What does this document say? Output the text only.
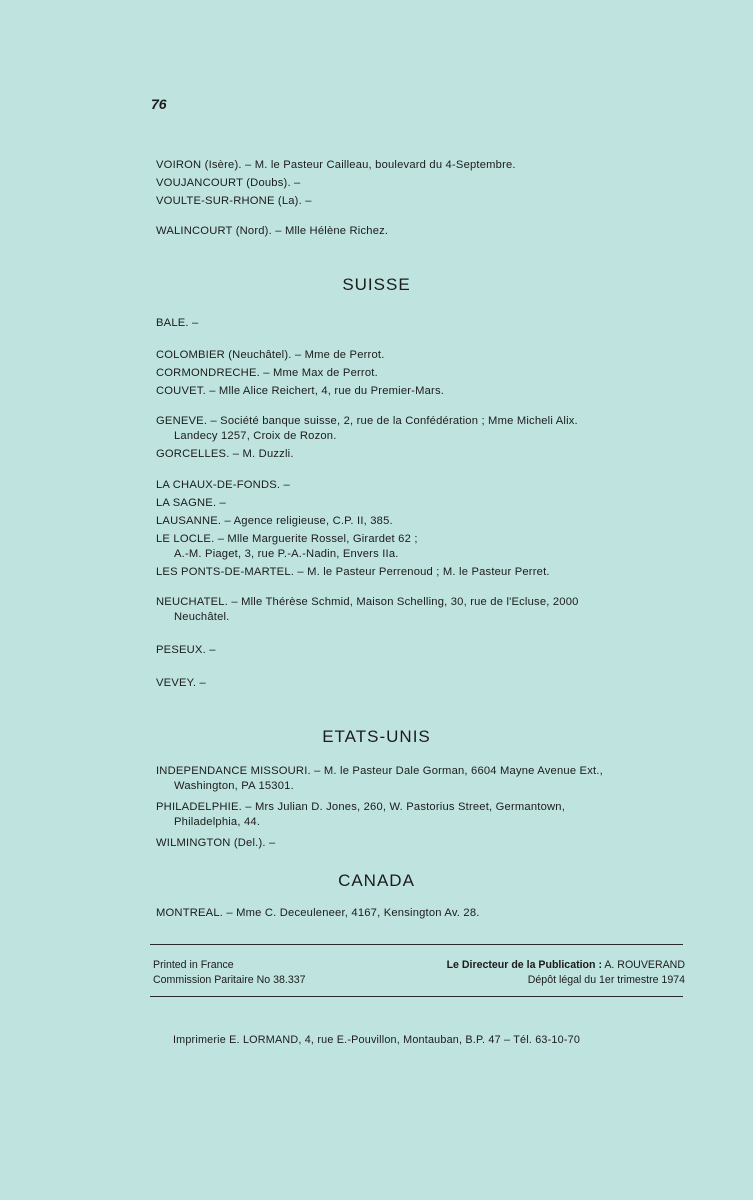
76

VOIRON (Isère). – M. le Pasteur Cailleau, boulevard du 4-Septembre.

VOUJANCOURT (Doubs). –

VOULTE-SUR-RHONE (La). –

WALINCOURT (Nord). – Mlle Hélène Richez.

SUISSE

BALE. –

COLOMBIER (Neuchâtel). – Mme de Perrot.

CORMONDRECHE. – Mme Max de Perrot.

COUVET. – Mlle Alice Reichert, 4, rue du Premier-Mars.

GENEVE. – Société banque suisse, 2, rue de la Confédération ; Mme Micheli Alix.
Landecy 1257, Croix de Rozon.

GORCELLES. – M. Duzzli.

LA CHAUX-DE-FONDS. –

LA SAGNE. –

LAUSANNE. – Agence religieuse, C.P. II, 385.

LE LOCLE. – Mlle Marguerite Rossel, Girardet 62 ;
A.-M. Piaget, 3, rue P.-A.-Nadin, Envers IIa.

LES PONTS-DE-MARTEL. – M. le Pasteur Perrenoud ; M. le Pasteur Perret.

NEUCHATEL. – Mlle Thérèse Schmid, Maison Schelling, 30, rue de l'Ecluse, 2000
Neuchâtel.

PESEUX. –

VEVEY. –

ETATS-UNIS

INDEPENDANCE MISSOURI. – M. le Pasteur Dale Gorman, 6604 Mayne Avenue Ext.,
Washington, PA 15301.

PHILADELPHIE. – Mrs Julian D. Jones, 260, W. Pastorius Street, Germantown,
Philadelphia, 44.

WILMINGTON (Del.). –

CANADA

MONTREAL. – Mme C. Deceuleneer, 4167, Kensington Av. 28.

Printed in France	Le Directeur de la Publication : A. ROUVERAND
Commission Paritaire No 38.337	Dépôt légal du 1er trimestre 1974
Imprimerie E. LORMAND, 4, rue E.-Pouvillon, Montauban, B.P. 47 – Tél. 63-10-70
